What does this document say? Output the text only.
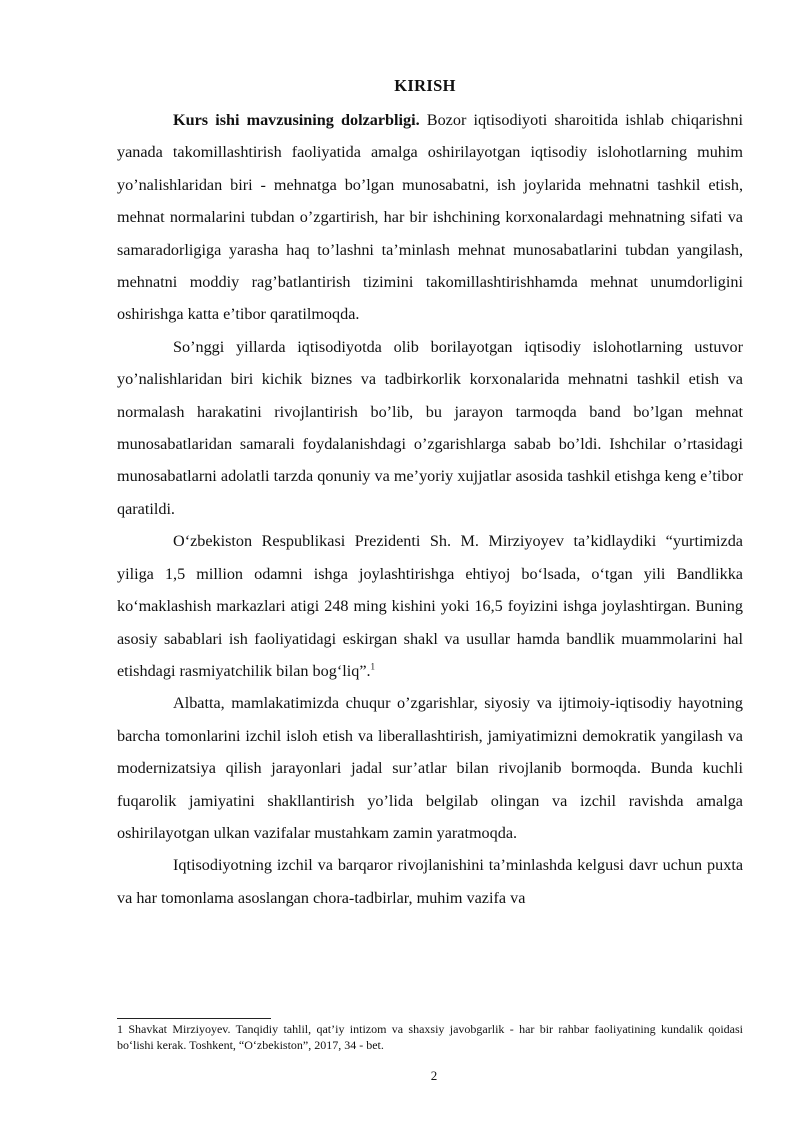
KIRISH

Kurs ishi mavzusining dolzarbligi. Bozor iqtisodiyoti sharoitida ishlab chiqarishni yanada takomillashtirish faoliyatida amalga oshirilayotgan iqtisodiy islohotlarning muhim yo’nalishlaridan biri - mehnatga bo’lgan munosabatni, ish joylarida mehnatni tashkil etish, mehnat normalarini tubdan o’zgartirish, har bir ishchining korxonalardagi mehnatning sifati va samaradorligiga yarasha haq to’lashni ta’minlash mehnat munosabatlarini tubdan yangilash, mehnatni moddiy rag’batlantirish tizimini takomillashtirishhamda mehnat unumdorligini oshirishga katta e’tibor qaratilmoqda.

So’nggi yillarda iqtisodiyotda olib borilayotgan iqtisodiy islohotlarning ustuvor yo’nalishlaridan biri kichik biznes va tadbirkorlik korxonalarida mehnatni tashkil etish va normalash harakatini rivojlantirish bo’lib, bu jarayon tarmoqda band bo’lgan mehnat munosabatlaridan samarali foydalanishdagi o’zgarishlarga sabab bo’ldi. Ishchilar o’rtasidagi munosabatlarni adolatli tarzda qonuniy va me’yoriy xujjatlar asosida tashkil etishga keng e’tibor qaratildi.

O‘zbekiston Respublikasi Prezidenti Sh. M. Mirziyoyev ta’kidlaydiki “yurtimizda yiliga 1,5 million odamni ishga joylashtirishga ehtiyoj bo‘lsada, o‘tgan yili Bandlikka ko‘maklashish markazlari atigi 248 ming kishini yoki 16,5 foyizini ishga joylashtirgan. Buning asosiy sabablari ish faoliyatidagi eskirgan shakl va usullar hamda bandlik muammolarini hal etishdagi rasmiyatchilik bilan bog‘liq”.$^1$

Albatta, mamlakatimizda chuqur o’zgarishlar, siyosiy va ijtimoiy-iqtisodiy hayotning barcha tomonlarini izchil isloh etish va liberallashtirish, jamiyatimizni demokratik yangilash va modernizatsiya qilish jarayonlari jadal sur’atlar bilan rivojlanib bormoqda. Bunda kuchli fuqarolik jamiyatini shakllantirish yo’lida belgilab olingan va izchil ravishda amalga oshirilayotgan ulkan vazifalar mustahkam zamin yaratmoqda.

Iqtisodiyotning izchil va barqaror rivojlanishini ta’minlashda kelgusi davr uchun puxta va har tomonlama asoslangan chora-tadbirlar, muhim vazifa va

1 Shavkat Mirziyoyev. Tanqidiy tahlil, qat’iy intizom va shaxsiy javobgarlik - har bir rahbar faoliyatining kundalik qoidasi bo‘lishi kerak. Toshkent, “O‘zbekiston”, 2017, 34 - bet.
2
